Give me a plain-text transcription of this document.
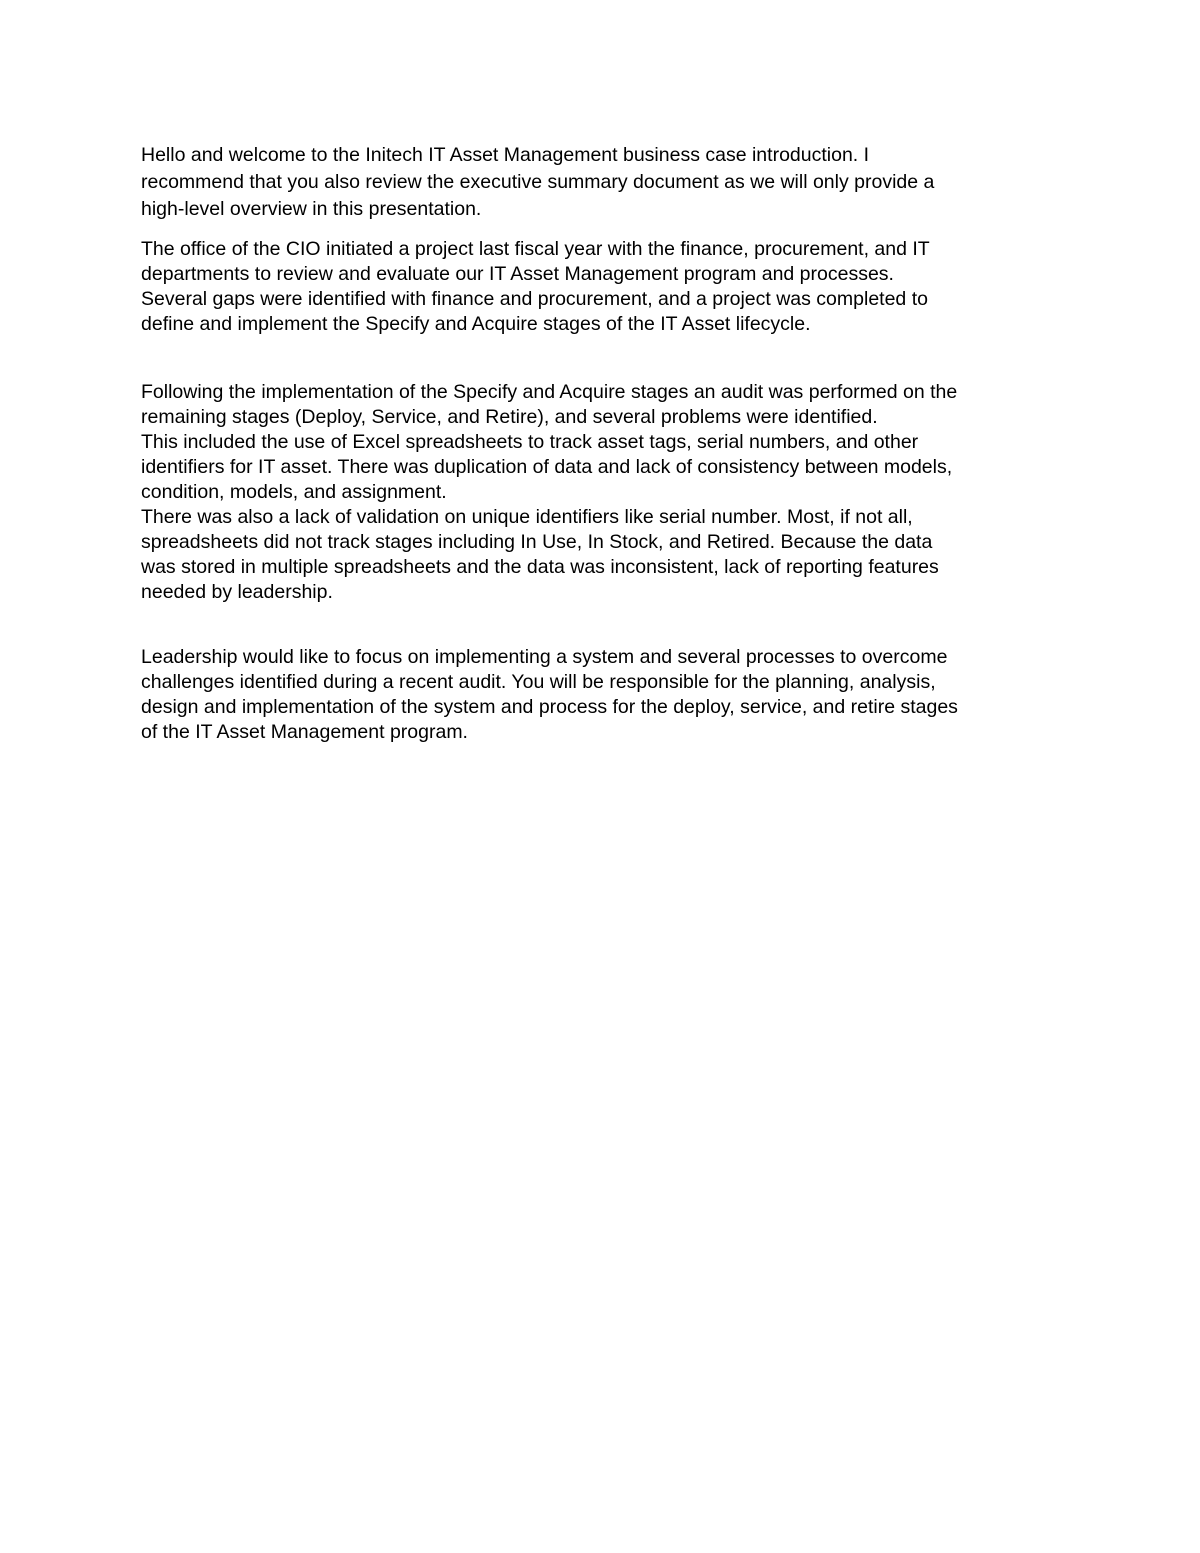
Hello and welcome to the Initech IT Asset Management business case introduction. I
recommend that you also review the executive summary document as we will only provide a
high-level overview in this presentation.

The office of the CIO initiated a project last fiscal year with the finance, procurement, and IT
departments to review and evaluate our IT Asset Management program and processes.
Several gaps were identified with finance and procurement, and a project was completed to
define and implement the Specify and Acquire stages of the IT Asset lifecycle.

Following the implementation of the Specify and Acquire stages an audit was performed on the
remaining stages (Deploy, Service, and Retire), and several problems were identified.
This included the use of Excel spreadsheets to track asset tags, serial numbers, and other
identifiers for IT asset. There was duplication of data and lack of consistency between models,
condition, models, and assignment.
There was also a lack of validation on unique identifiers like serial number. Most, if not all,
spreadsheets did not track stages including In Use, In Stock, and Retired. Because the data
was stored in multiple spreadsheets and the data was inconsistent, lack of reporting features
needed by leadership.

Leadership would like to focus on implementing a system and several processes to overcome
challenges identified during a recent audit. You will be responsible for the planning, analysis,
design and implementation of the system and process for the deploy, service, and retire stages
of the IT Asset Management program.
